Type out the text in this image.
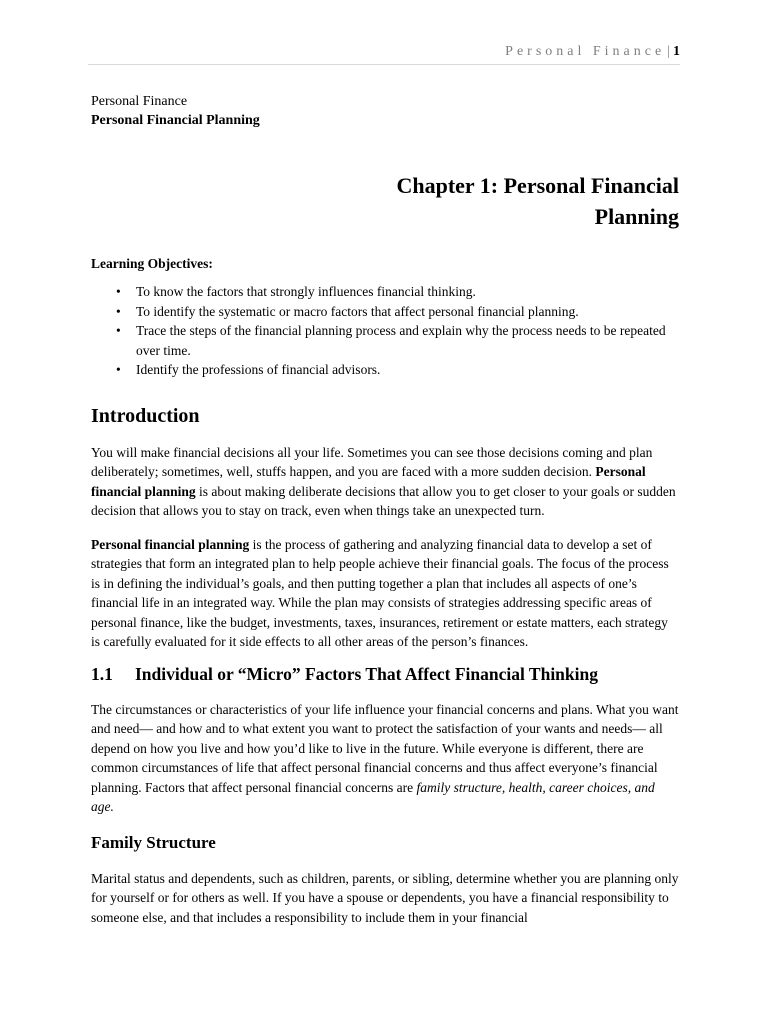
Personal Finance | 1

Personal Finance

Personal Financial Planning

Chapter 1: Personal Financial
Planning

Learning Objectives:

• To know the factors that strongly influences financial thinking.
• To identify the systematic or macro factors that affect personal financial planning.
• Trace the steps of the financial planning process and explain why the process needs to be repeated over time.
• Identify the professions of financial advisors.
Introduction

You will make financial decisions all your life. Sometimes you can see those decisions coming and plan deliberately; sometimes, well, stuffs happen, and you are faced with a more sudden decision. Personal financial planning is about making deliberate decisions that allow you to get closer to your goals or sudden decision that allows you to stay on track, even when things take an unexpected turn.

Personal financial planning is the process of gathering and analyzing financial data to develop a set of strategies that form an integrated plan to help people achieve their financial goals. The focus of the process is in defining the individual’s goals, and then putting together a plan that includes all aspects of one’s financial life in an integrated way. While the plan may consists of strategies addressing specific areas of personal finance, like the budget, investments, taxes, insurances, retirement or estate matters, each strategy is carefully evaluated for it side effects to all other areas of the person’s finances.

1.1 Individual or “Micro” Factors That Affect Financial Thinking

The circumstances or characteristics of your life influence your financial concerns and plans. What you want and need— and how and to what extent you want to protect the satisfaction of your wants and needs— all depend on how you live and how you’d like to live in the future. While everyone is different, there are common circumstances of life that affect personal financial concerns and thus affect everyone’s financial planning. Factors that affect personal financial concerns are family structure, health, career choices, and age.

Family Structure

Marital status and dependents, such as children, parents, or sibling, determine whether you are planning only for yourself or for others as well. If you have a spouse or dependents, you have a financial responsibility to someone else, and that includes a responsibility to include them in your financial
